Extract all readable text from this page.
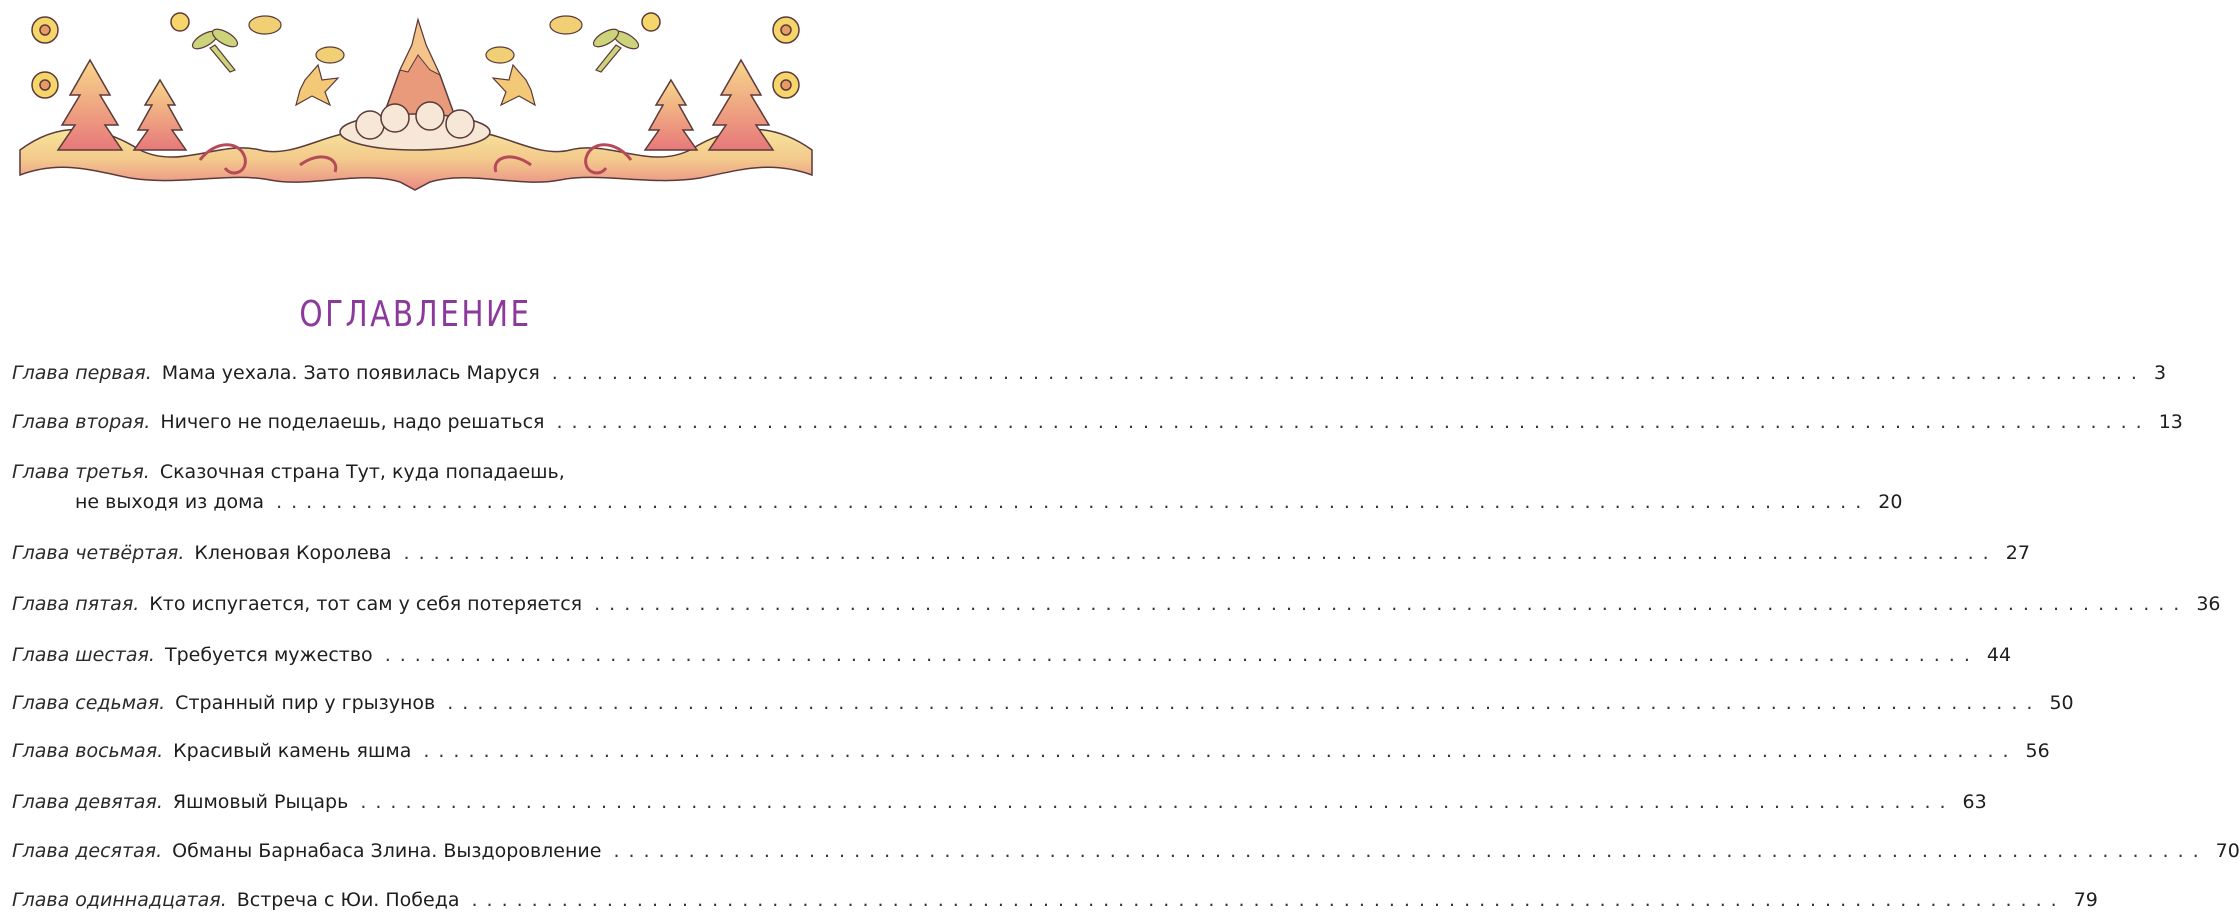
ОГЛАВЛЕНИЕ
Глава первая. Мама уехала. Зато появилась Маруся .......................................................................................................... 3
Глава вторая. Ничего не поделаешь, надо решаться .......................................................................................................... 13
Глава третья. Сказочная страна Тут, куда попадаешь,
не выходя из дома .......................................................................................................... 20
Глава четвёртая. Кленовая Королева .......................................................................................................... 27
Глава пятая. Кто испугается, тот сам у себя потеряется .......................................................................................................... 36
Глава шестая. Требуется мужество .......................................................................................................... 44
Глава седьмая. Странный пир у грызунов .......................................................................................................... 50
Глава восьмая. Красивый камень яшма .......................................................................................................... 56
Глава девятая. Яшмовый Рыцарь .......................................................................................................... 63
Глава десятая. Обманы Барнабаса Злина. Выздоровление .......................................................................................................... 70
Глава одиннадцатая. Встреча с Юи. Победа .......................................................................................................... 79
